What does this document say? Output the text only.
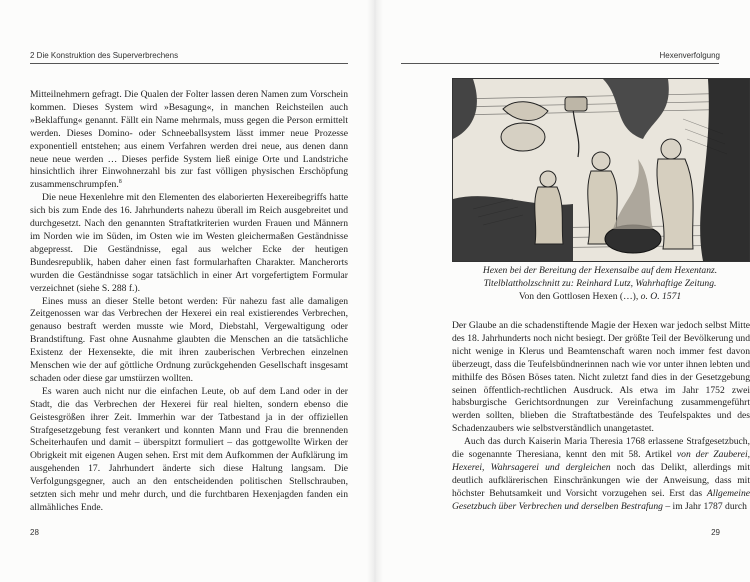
2 Die Konstruktion des Superverbrechens

Mitteilnehmern gefragt. Die Qualen der Folter lassen deren Namen zum Vorschein kommen. Dieses System wird »Besagung«, in manchen Reichsteilen auch »Beklaffung« genannt. Fällt ein Name mehrmals, muss gegen die Person ermittelt werden. Dieses Domino- oder Schneeballsystem lässt immer neue Prozesse exponentiell entstehen; aus einem Verfahren werden drei neue, aus denen dann neue neue werden … Dieses perfide System ließ einige Orte und Landstriche hinsichtlich ihrer Einwohnerzahl bis zur fast völligen physischen Erschöpfung zusammenschrumpfen.$^8$

Die neue Hexenlehre mit den Elementen des elaborierten Hexereibegriffs hatte sich bis zum Ende des 16. Jahrhunderts nahezu überall im Reich ausgebreitet und durchgesetzt. Nach den genannten Straftatkriterien wurden Frauen und Männern im Norden wie im Süden, im Osten wie im Westen gleichermaßen Geständnisse abgepresst. Die Geständnisse, egal aus welcher Ecke der heutigen Bundesrepublik, haben daher einen fast formularhaften Charakter. Mancherorts wurden die Geständnisse sogar tatsächlich in einer Art vorgefertigtem Formular verzeichnet (siehe S. 288 f.).

Eines muss an dieser Stelle betont werden: Für nahezu fast alle damaligen Zeitgenossen war das Verbrechen der Hexerei ein real existierendes Verbrechen, genauso bestraft werden musste wie Mord, Diebstahl, Vergewaltigung oder Brandstiftung. Fast ohne Ausnahme glaubten die Menschen an die tatsächliche Existenz der Hexensekte, die mit ihren zauberischen Verbrechen einzelnen Menschen wie der auf göttliche Ordnung zurückgehenden Gesellschaft insgesamt schaden oder diese gar umstürzen wollten.

Es waren auch nicht nur die einfachen Leute, ob auf dem Land oder in der Stadt, die das Verbrechen der Hexerei für real hielten, sondern ebenso die Geistesgrößen ihrer Zeit. Immerhin war der Tatbestand ja in der offiziellen Strafgesetzgebung fest verankert und konnten Mann und Frau die brennenden Scheiterhaufen und damit – überspitzt formuliert – das gottgewollte Wirken der Obrigkeit mit eigenen Augen sehen. Erst mit dem Aufkommen der Aufklärung im ausgehenden 17. Jahrhundert änderte sich diese Haltung langsam. Die Verfolgungsgegner, auch an den entscheidenden politischen Stellschrauben, setzten sich mehr und mehr durch, und die furchtbaren Hexenjagden fanden ein allmähliches Ende.

28
Hexenverfolgung
29
Hexen bei der Bereitung der Hexensalbe auf dem Hexentanz.
Titelblattholzschnitt zu: Reinhard Lutz, Wahrhaftige Zeitung.
Von den Gottlosen Hexen (…), o. O. 1571

Der Glaube an die schadenstiftende Magie der Hexen war jedoch selbst Mitte des 18. Jahrhunderts noch nicht besiegt. Der größte Teil der Bevölkerung und nicht wenige in Klerus und Beamtenschaft waren noch immer fest davon überzeugt, dass die Teufelsbündnerinnen nach wie vor unter ihnen lebten und mithilfe des Bösen Böses taten. Nicht zuletzt fand dies in der Gesetzgebung seinen öffentlich-rechtlichen Ausdruck. Als etwa im Jahr 1752 zwei habsburgische Gerichtsordnungen zur Vereinfachung zusammengeführt werden sollten, blieben die Straftatbestände des Teufelspaktes und des Schadenzaubers wie selbstverständlich unangetastet.

Auch das durch Kaiserin Maria Theresia 1768 erlassene Strafgesetzbuch, die sogenannte Theresiana, kennt den mit 58. Artikel von der Zauberei, Hexerei, Wahrsagerei und dergleichen noch das Delikt, allerdings mit deutlich aufklärerischen Einschränkungen wie der Anweisung, dass mit höchster Behutsamkeit und Vorsicht vorzugehen sei. Erst das Allgemeine Gesetzbuch über Verbrechen und derselben Bestrafung – im Jahr 1787 durch
